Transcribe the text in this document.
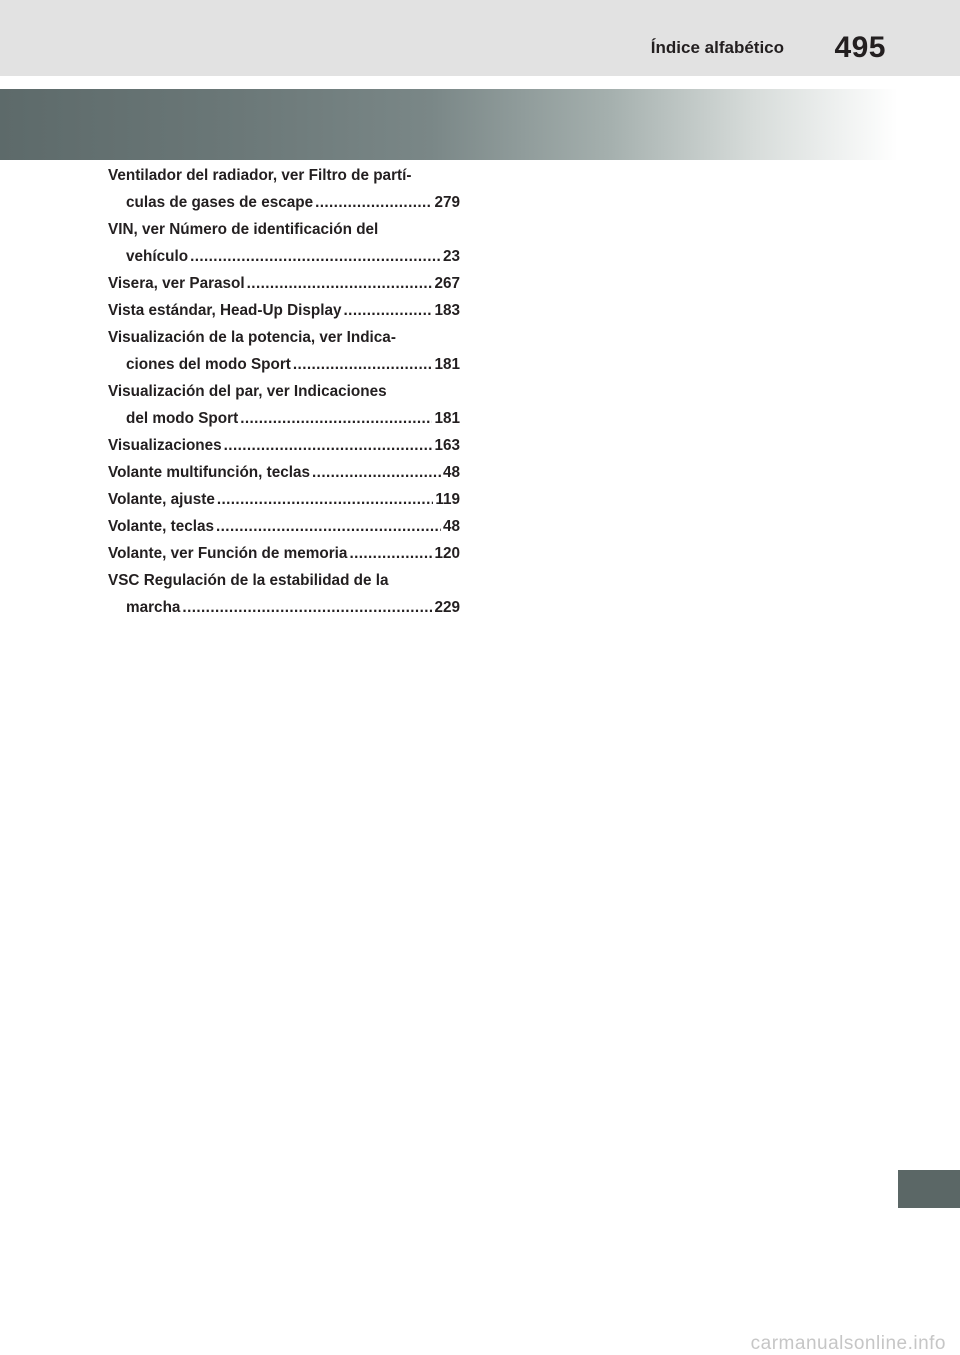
Índice alfabético 495
Ventilador del radiador, ver Filtro de partí-
culas de gases de escape .....	279
VIN, ver Número de identificación del
vehículo .....	23
Visera, ver Parasol .....	267
Vista estándar, Head-Up Display .....	183
Visualización de la potencia, ver Indica-
ciones del modo Sport .....	181
Visualización del par, ver Indicaciones
del modo Sport .....	181
Visualizaciones .....	163
Volante multifunción, teclas .....	48
Volante, ajuste .....	119
Volante, teclas .....	48
Volante, ver Función de memoria .....	120
VSC Regulación de la estabilidad de la
marcha .....	229
carmanualsonline.info
